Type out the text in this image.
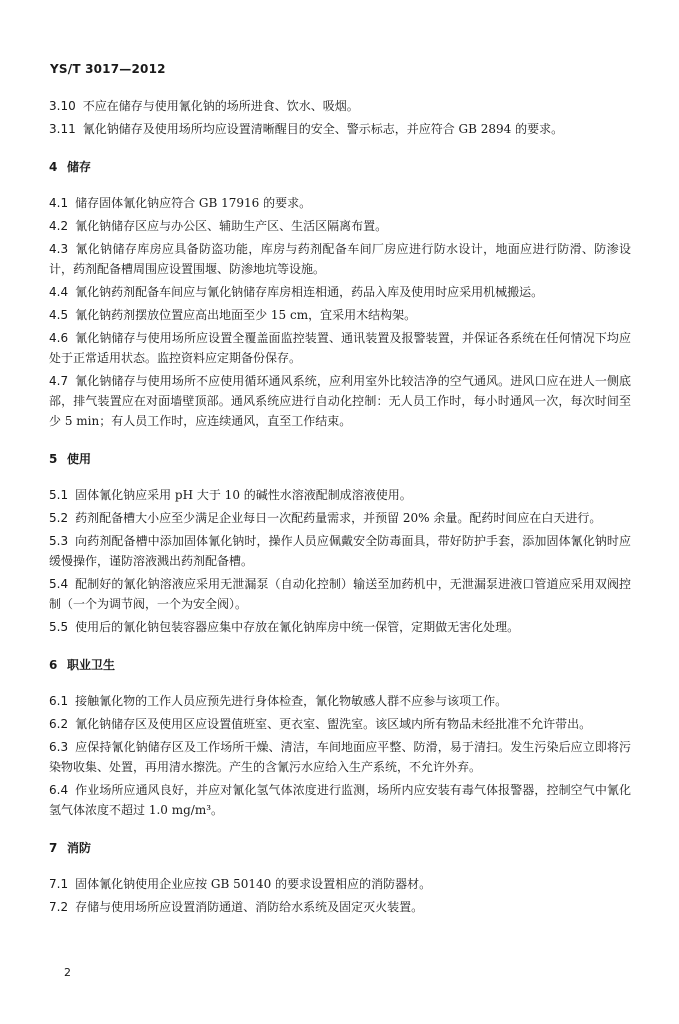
YS/T 3017—2012

3.10 不应在储存与使用氰化钠的场所进食、饮水、吸烟。

3.11 氰化钠储存及使用场所均应设置清晰醒目的安全、警示标志，并应符合 GB 2894 的要求。

4 储存

4.1 储存固体氰化钠应符合 GB 17916 的要求。

4.2 氰化钠储存区应与办公区、辅助生产区、生活区隔离布置。

4.3 氰化钠储存库房应具备防盗功能，库房与药剂配备车间厂房应进行防水设计，地面应进行防滑、防渗设计，药剂配备槽周围应设置围堰、防渗地坑等设施。

4.4 氰化钠药剂配备车间应与氰化钠储存库房相连相通，药品入库及使用时应采用机械搬运。

4.5 氰化钠药剂摆放位置应高出地面至少 15 cm，宜采用木结构架。

4.6 氰化钠储存与使用场所应设置全覆盖面监控装置、通讯装置及报警装置，并保证各系统在任何情况下均应处于正常适用状态。监控资料应定期备份保存。

4.7 氰化钠储存与使用场所不应使用循环通风系统，应利用室外比较洁净的空气通风。进风口应在进人一侧底部，排气装置应在对面墙壁顶部。通风系统应进行自动化控制：无人员工作时，每小时通风一次，每次时间至少 5 min；有人员工作时，应连续通风，直至工作结束。

5 使用

5.1 固体氰化钠应采用 pH 大于 10 的碱性水溶液配制成溶液使用。

5.2 药剂配备槽大小应至少满足企业每日一次配药量需求，并预留 20% 余量。配药时间应在白天进行。

5.3 向药剂配备槽中添加固体氰化钠时，操作人员应佩戴安全防毒面具，带好防护手套，添加固体氰化钠时应缓慢操作，谨防溶液溅出药剂配备槽。

5.4 配制好的氰化钠溶液应采用无泄漏泵（自动化控制）输送至加药机中，无泄漏泵进液口管道应采用双阀控制（一个为调节阀，一个为安全阀）。

5.5 使用后的氰化钠包装容器应集中存放在氰化钠库房中统一保管，定期做无害化处理。

6 职业卫生

6.1 接触氰化物的工作人员应预先进行身体检查，氰化物敏感人群不应参与该项工作。

6.2 氰化钠储存区及使用区应设置值班室、更衣室、盥洗室。该区域内所有物品未经批准不允许带出。

6.3 应保持氰化钠储存区及工作场所干燥、清洁，车间地面应平整、防滑，易于清扫。发生污染后应立即将污染物收集、处置，再用清水擦洗。产生的含氰污水应给入生产系统，不允许外弃。

6.4 作业场所应通风良好，并应对氰化氢气体浓度进行监测，场所内应安装有毒气体报警器，控制空气中氰化氢气体浓度不超过 1.0 mg/m³。

7 消防

7.1 固体氰化钠使用企业应按 GB 50140 的要求设置相应的消防器材。

7.2 存储与使用场所应设置消防通道、消防给水系统及固定灭火装置。

2
